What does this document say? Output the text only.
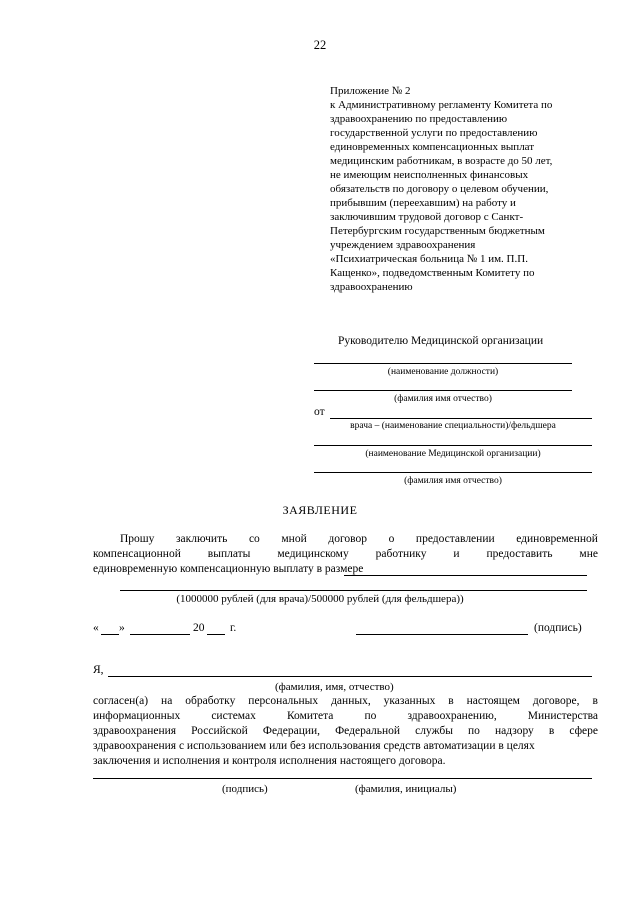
22
Приложение № 2
к Административному регламенту Комитета по
здравоохранению по предоставлению
государственной услуги по предоставлению
единовременных компенсационных выплат
медицинским работникам, в возрасте до 50 лет,
не имеющим неисполненных финансовых
обязательств по договору о целевом обучении,
прибывшим (переехавшим) на работу и
заключившим трудовой договор с Санкт-
Петербургским государственным бюджетным
учреждением здравоохранения
«Психиатрическая больница № 1 им. П.П.
Кащенко», подведомственным Комитету по
здравоохранению
Руководителю Медицинской организации
(наименование должности)
(фамилия имя отчество)
от
врача – (наименование специальности)/фельдшера
(наименование Медицинской организации)
(фамилия имя отчество)
ЗАЯВЛЕНИЕ
Прошу заключить со мной договор о предоставлении единовременной
компенсационной выплаты медицинскому работнику и предоставить мне
единовременную компенсационную выплату в размере
(1000000 рублей (для врача)/500000 рублей (для фельдшера))
« »	20 г.	(подпись)
Я,
(фамилия, имя, отчество)
согласен(а) на обработку персональных данных, указанных в настоящем договоре, в
информационных	системах	Комитета	по	здравоохранению,	Министерства
здравоохранения Российской Федерации, Федеральной службы по надзору в сфере
здравоохранения с использованием или без использования средств автоматизации в целях
заключения и исполнения и контроля исполнения настоящего договора.
(подпись)	(фамилия, инициалы)
